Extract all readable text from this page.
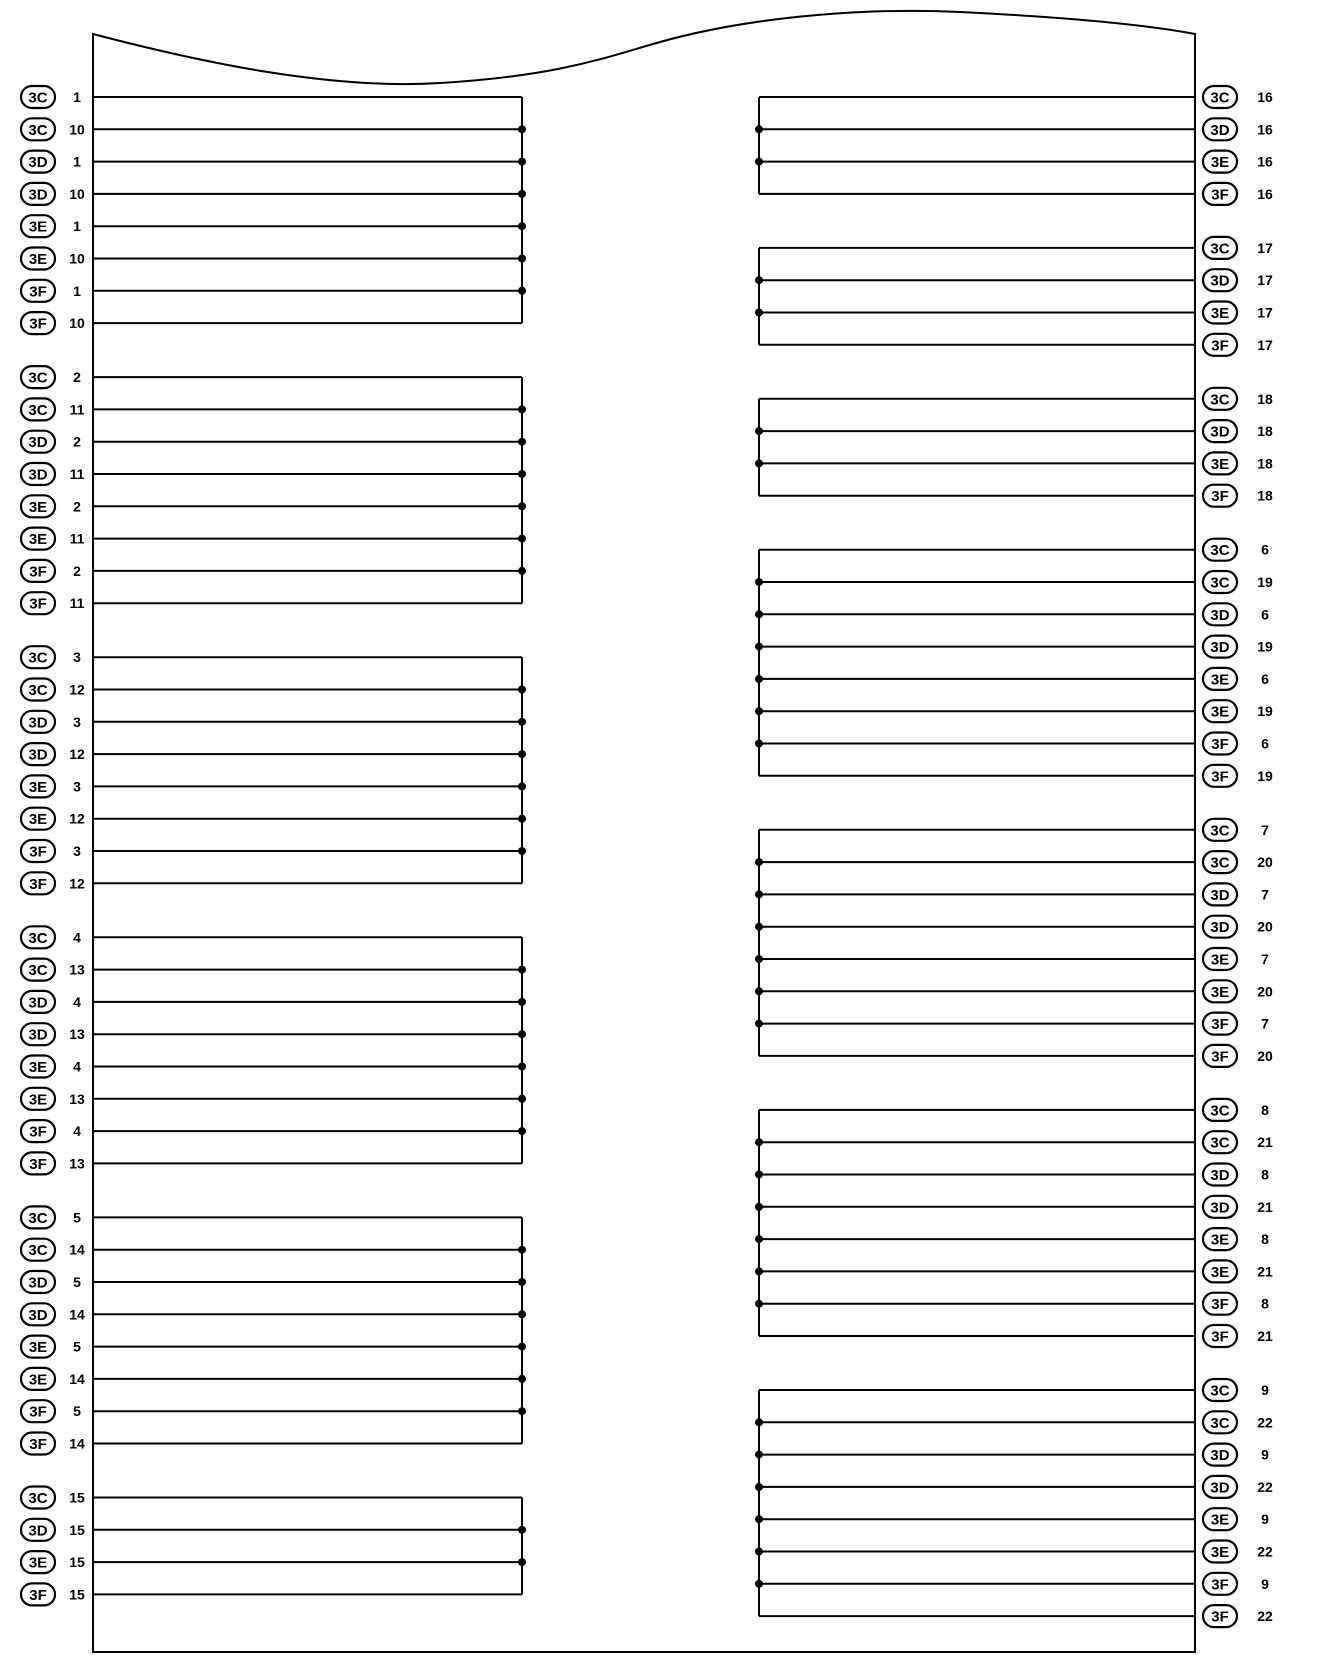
3C 1
3C 10
3D 1
3D 10
3E 1
3E 10
3F 1
3F 10
3C 2
3C 11
3D 2
3D 11
3E 2
3E 11
3F 2
3F 11
3C 3
3C 12
3D 3
3D 12
3E 3
3E 12
3F 3
3F 12
3C 4
3C 13
3D 4
3D 13
3E 4
3E 13
3F 4
3F 13
3C 5
3C 14
3D 5
3D 14
3E 5
3E 14
3F 5
3F 14
3C 15
3D 15
3E 15
3F 15
3C 16
3D 16
3E 16
3F 16
3C 17
3D 17
3E 17
3F 17
3C 18
3D 18
3E 18
3F 18
3C 6
3C 19
3D 6
3D 19
3E 6
3E 19
3F 6
3F 19
3C 7
3C 20
3D 7
3D 20
3E 7
3E 20
3F 7
3F 20
3C 8
3C 21
3D 8
3D 21
3E 8
3E 21
3F 8
3F 21
3C 9
3C 22
3D 9
3D 22
3E 9
3E 22
3F 9
3F 22
